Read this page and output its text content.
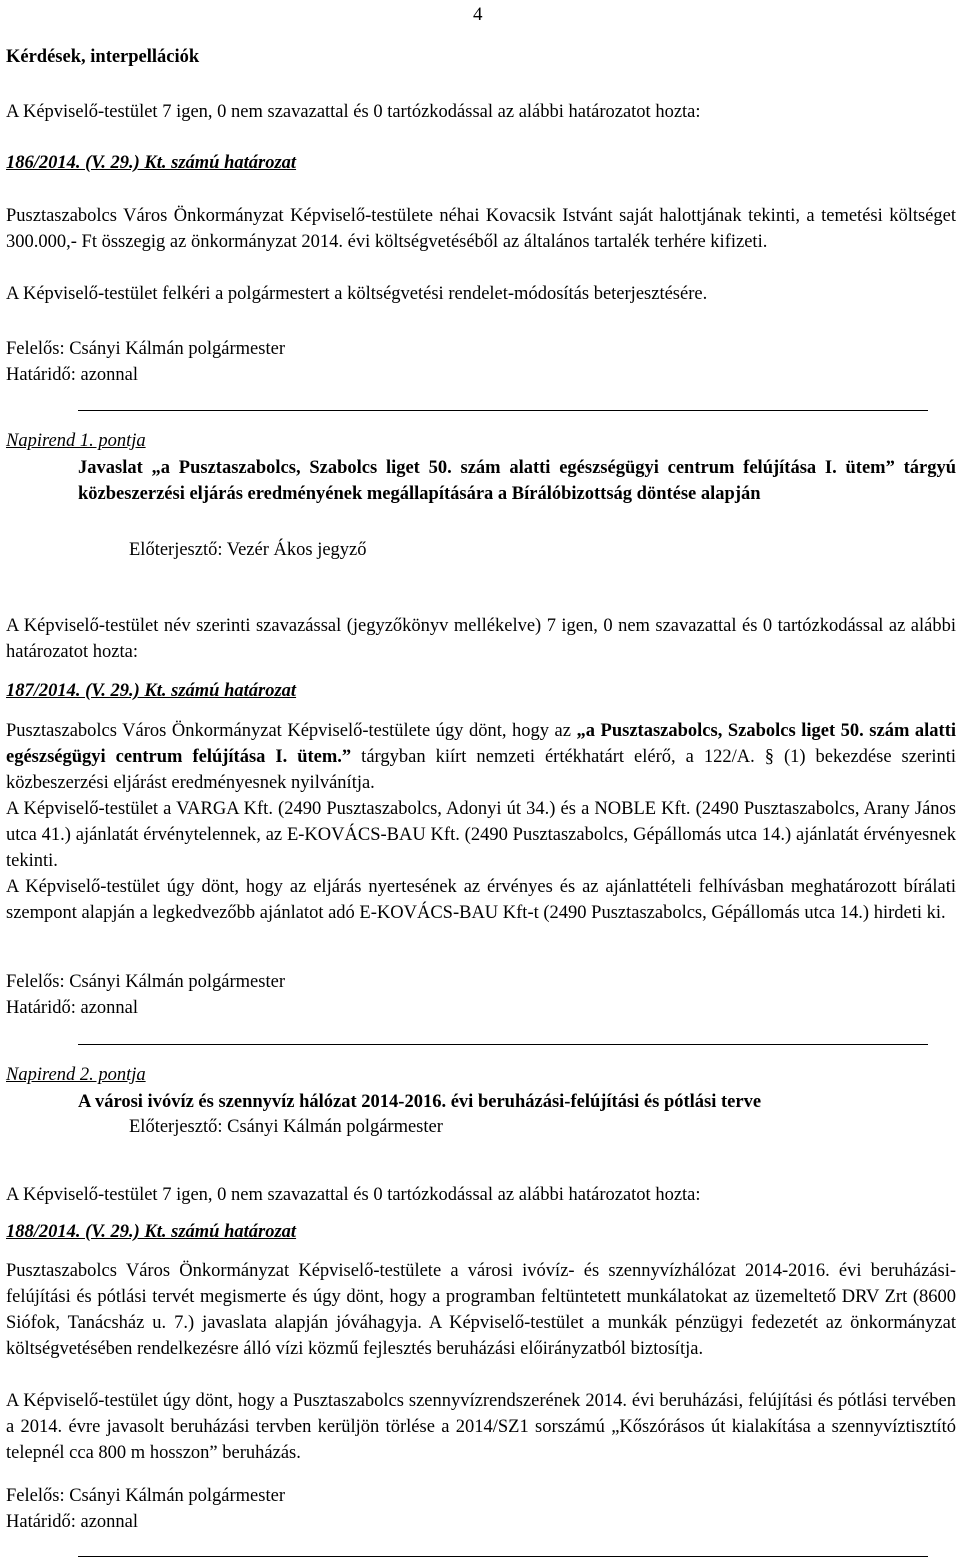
4
Kérdések, interpellációk
A Képviselő-testület 7 igen, 0 nem szavazattal és 0 tartózkodással az alábbi határozatot hozta:
186/2014. (V. 29.) Kt. számú határozat
Pusztaszabolcs Város Önkormányzat Képviselő-testülete néhai Kovacsik Istvánt saját halottjának tekinti, a temetési költséget 300.000,- Ft összegig az önkormányzat 2014. évi költségvetéséből az általános tartalék terhére kifizeti.
A Képviselő-testület felkéri a polgármestert a költségvetési rendelet-módosítás beterjesztésére.
Felelős: Csányi Kálmán polgármester
Határidő: azonnal
Napirend 1. pontja
Javaslat „a Pusztaszabolcs, Szabolcs liget 50. szám alatti egészségügyi centrum felújítása I. ütem” tárgyú közbeszerzési eljárás eredményének megállapítására a Bírálóbizottság döntése alapján
Előterjesztő: Vezér Ákos jegyző
A Képviselő-testület név szerinti szavazással (jegyzőkönyv mellékelve) 7 igen, 0 nem szavazattal és 0 tartózkodással az alábbi határozatot hozta:
187/2014. (V. 29.) Kt. számú határozat
Pusztaszabolcs Város Önkormányzat Képviselő-testülete úgy dönt, hogy az „a Pusztaszabolcs, Szabolcs liget 50. szám alatti egészségügyi centrum felújítása I. ütem.” tárgyban kiírt nemzeti értékhatárt elérő, a 122/A. § (1) bekezdése szerinti közbeszerzési eljárást eredményesnek nyilvánítja.
A Képviselő-testület a VARGA Kft. (2490 Pusztaszabolcs, Adonyi út 34.) és a NOBLE Kft. (2490 Pusztaszabolcs, Arany János utca 41.) ajánlatát érvénytelennek, az E-KOVÁCS-BAU Kft. (2490 Pusztaszabolcs, Gépállomás utca 14.) ajánlatát érvényesnek tekinti.
A Képviselő-testület úgy dönt, hogy az eljárás nyertesének az érvényes és az ajánlattételi felhívásban meghatározott bírálati szempont alapján a legkedvezőbb ajánlatot adó E-KOVÁCS-BAU Kft-t (2490 Pusztaszabolcs, Gépállomás utca 14.) hirdeti ki.
Felelős: Csányi Kálmán polgármester
Határidő: azonnal
Napirend 2. pontja
A városi ivóvíz és szennyvíz hálózat 2014-2016. évi beruházási-felújítási és pótlási terve
Előterjesztő: Csányi Kálmán polgármester
A Képviselő-testület 7 igen, 0 nem szavazattal és 0 tartózkodással az alábbi határozatot hozta:
188/2014. (V. 29.) Kt. számú határozat
Pusztaszabolcs Város Önkormányzat Képviselő-testülete a városi ivóvíz- és szennyvízhálózat 2014-2016. évi beruházási-felújítási és pótlási tervét megismerte és úgy dönt, hogy a programban feltüntetett munkálatokat az üzemeltető DRV Zrt (8600 Siófok, Tanácsház u. 7.) javaslata alapján jóváhagyja. A Képviselő-testület a munkák pénzügyi fedezetét az önkormányzat költségvetésében rendelkezésre álló vízi közmű fejlesztés beruházási előirányzatból biztosítja.
A Képviselő-testület úgy dönt, hogy a Pusztaszabolcs szennyvízrendszerének 2014. évi beruházási, felújítási és pótlási tervében a 2014. évre javasolt beruházási tervben kerüljön törlése a 2014/SZ1 sorszámú „Kőszórásos út kialakítása a szennyvíztisztító telepnél cca 800 m hosszon” beruházás.
Felelős: Csányi Kálmán polgármester
Határidő: azonnal
